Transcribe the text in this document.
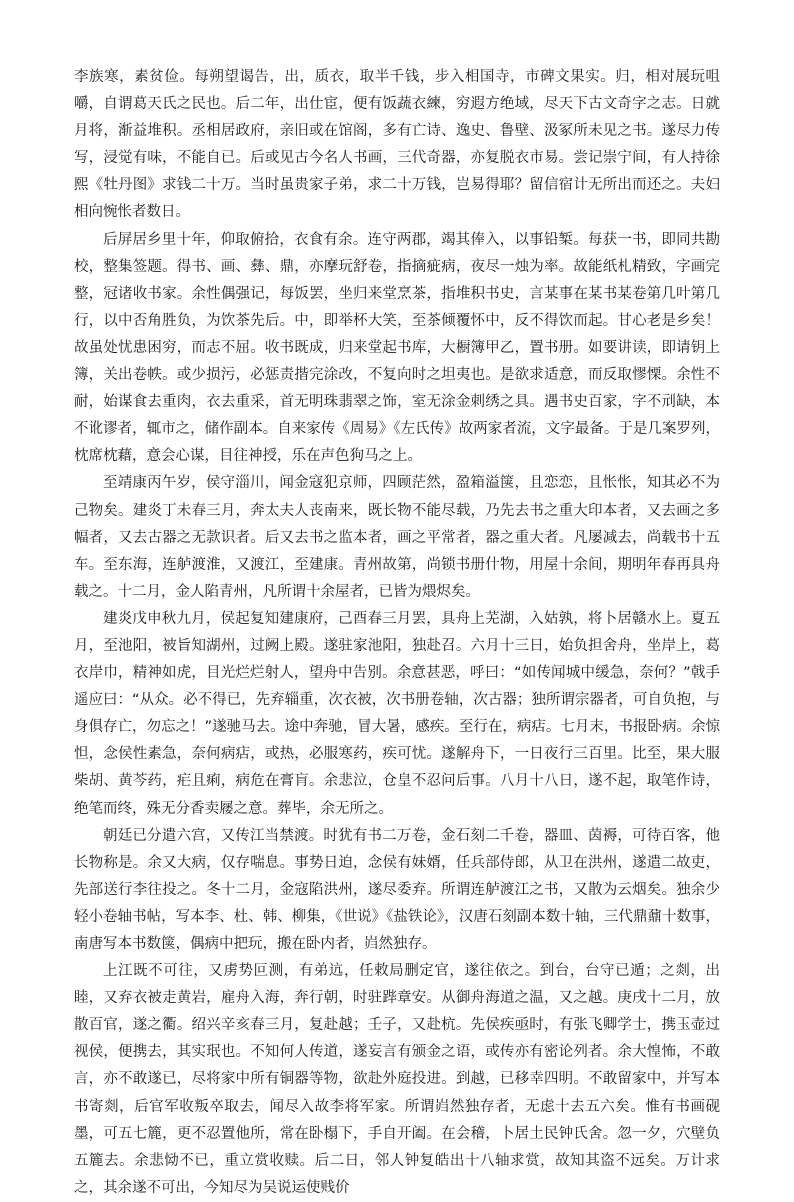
李族寒，素贫俭。每朔望谒告，出，质衣，取半千钱，步入相国寺，市碑文果实。归，相对展玩咀嚼，自谓葛天氏之民也。后二年，出仕宦，便有饭蔬衣練，穷遐方绝域，尽天下古文奇字之志。日就月将，渐益堆积。丞相居政府，亲旧或在馆阁，多有亡诗、逸史、鲁壁、汲冢所未见之书。遂尽力传写，浸觉有味，不能自已。后或见古今名人书画，三代奇器，亦复脱衣市易。尝记崇宁间，有人持徐熙《牡丹图》求钱二十万。当时虽贵家子弟，求二十万钱，岂易得耶？留信宿计无所出而还之。夫妇相向惋怅者数日。

后屏居乡里十年，仰取俯拾，衣食有余。连守两郡，竭其俸入，以事铅椠。每获一书，即同共勘校，整集签题。得书、画、彝、鼎，亦摩玩舒卷，指摘疵病，夜尽一烛为率。故能纸札精致，字画完整，冠诸收书家。余性偶强记，每饭罢，坐归来堂烹茶，指堆积书史，言某事在某书某卷第几叶第几行，以中否角胜负，为饮茶先后。中，即举杯大笑，至茶倾覆怀中，反不得饮而起。甘心老是乡矣！故虽处忧患困穷，而志不屈。收书既成，归来堂起书库，大橱簿甲乙，置书册。如要讲读，即请钥上簿，关出卷帙。或少损污，必惩责揩完涂改，不复向时之坦夷也。是欲求适意，而反取憀慄。余性不耐，始谋食去重肉，衣去重采，首无明珠翡翠之饰，室无涂金刺绣之具。遇书史百家，字不刓缺，本不讹谬者，辄市之，储作副本。自来家传《周易》《左氏传》故两家者流，文字最备。于是几案罗列，枕席枕藉，意会心谋，目往神授，乐在声色狗马之上。

至靖康丙午岁，侯守淄川，闻金寇犯京师，四顾茫然，盈箱溢箧，且恋恋，且怅怅，知其必不为己物矣。建炎丁未春三月，奔太夫人丧南来，既长物不能尽载，乃先去书之重大印本者，又去画之多幅者，又去古器之无款识者。后又去书之监本者，画之平常者，器之重大者。凡屡减去，尚载书十五车。至东海，连舻渡淮，又渡江，至建康。青州故第，尚锁书册什物，用屋十余间，期明年春再具舟载之。十二月，金人陷青州，凡所谓十余屋者，已皆为煨烬矣。

建炎戊申秋九月，侯起复知建康府，己酉春三月罢，具舟上芜湖，入姑孰，将卜居赣水上。夏五月，至池阳，被旨知湖州，过阙上殿。遂驻家池阳，独赴召。六月十三日，始负担舍舟，坐岸上，葛衣岸巾，精神如虎，目光烂烂射人，望舟中告别。余意甚恶，呼曰：“如传闻城中缓急，奈何？”戟手遥应曰：“从众。必不得已，先弃辎重，次衣被，次书册卷轴，次古器；独所谓宗器者，可自负抱，与身俱存亡，勿忘之！”遂驰马去。途中奔驰，冒大暑，感疾。至行在，病痁。七月末，书报卧病。余惊怛，念侯性素急，奈何病痁，或热，必服寒药，疾可忧。遂解舟下，一日夜行三百里。比至，果大服柴胡、黄芩药，疟且痢，病危在膏肓。余悲泣，仓皇不忍问后事。八月十八日，遂不起，取笔作诗，绝笔而终，殊无分香卖屦之意。葬毕，余无所之。

朝廷已分遣六宫，又传江当禁渡。时犹有书二万卷，金石刻二千卷，器皿、茵褥，可待百客，他长物称是。余又大病，仅存喘息。事势日迫，念侯有妹婿，任兵部侍郎，从卫在洪州，遂遣二故吏，先部送行李往投之。冬十二月，金寇陷洪州，遂尽委弃。所谓连舻渡江之书，又散为云烟矣。独余少轻小卷轴书帖，写本李、杜、韩、柳集，《世说》《盐铁论》，汉唐石刻副本数十轴，三代鼎鼐十数事，南唐写本书数箧，偶病中把玩，搬在卧内者，岿然独存。

上江既不可往，又虏势叵测，有弟迒，任敕局删定官，遂往依之。到台，台守已遁；之剡，出睦，又弃衣被走黄岩，雇舟入海，奔行朝，时驻跸章安。从御舟海道之温，又之越。庚戌十二月，放散百官，遂之衢。绍兴辛亥春三月，复赴越；壬子，又赴杭。先侯疾亟时，有张飞卿学士，携玉壶过视侯，便携去，其实珉也。不知何人传道，遂妄言有颁金之语，或传亦有密论列者。余大惶怖，不敢言，亦不敢遂已，尽将家中所有铜器等物，欲赴外庭投进。到越，已移幸四明。不敢留家中，并写本书寄剡，后官军收叛卒取去，闻尽入故李将军家。所谓岿然独存者，无虑十去五六矣。惟有书画砚墨，可五七簏，更不忍置他所，常在卧榻下，手自开阖。在会稽，卜居土民钟氏舍。忽一夕，穴壁负五簏去。余悲恸不已，重立赏收赎。后二日，邻人钟复皓出十八轴求赏，故知其盗不远矣。万计求之，其余遂不可出，今知尽为吴说运使贱价
